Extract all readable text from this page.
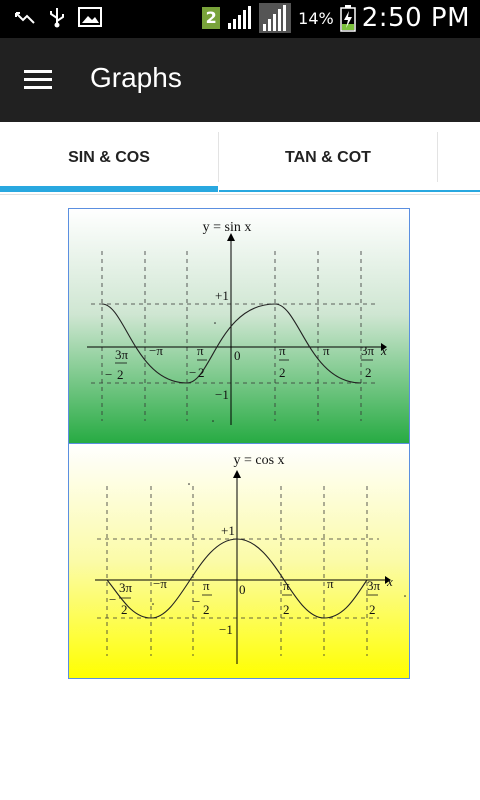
2	14% 2:50 PM
Graphs
SIN & COS	TAN & COT
y = sin x
+1
−1
0	x
3π
− 2
−π	π
− 2
π
2
π 3π
2
y = cos x
+1
−1
0
x
3π
−
2
−π	π
−
2
π
2
π	3π
2
